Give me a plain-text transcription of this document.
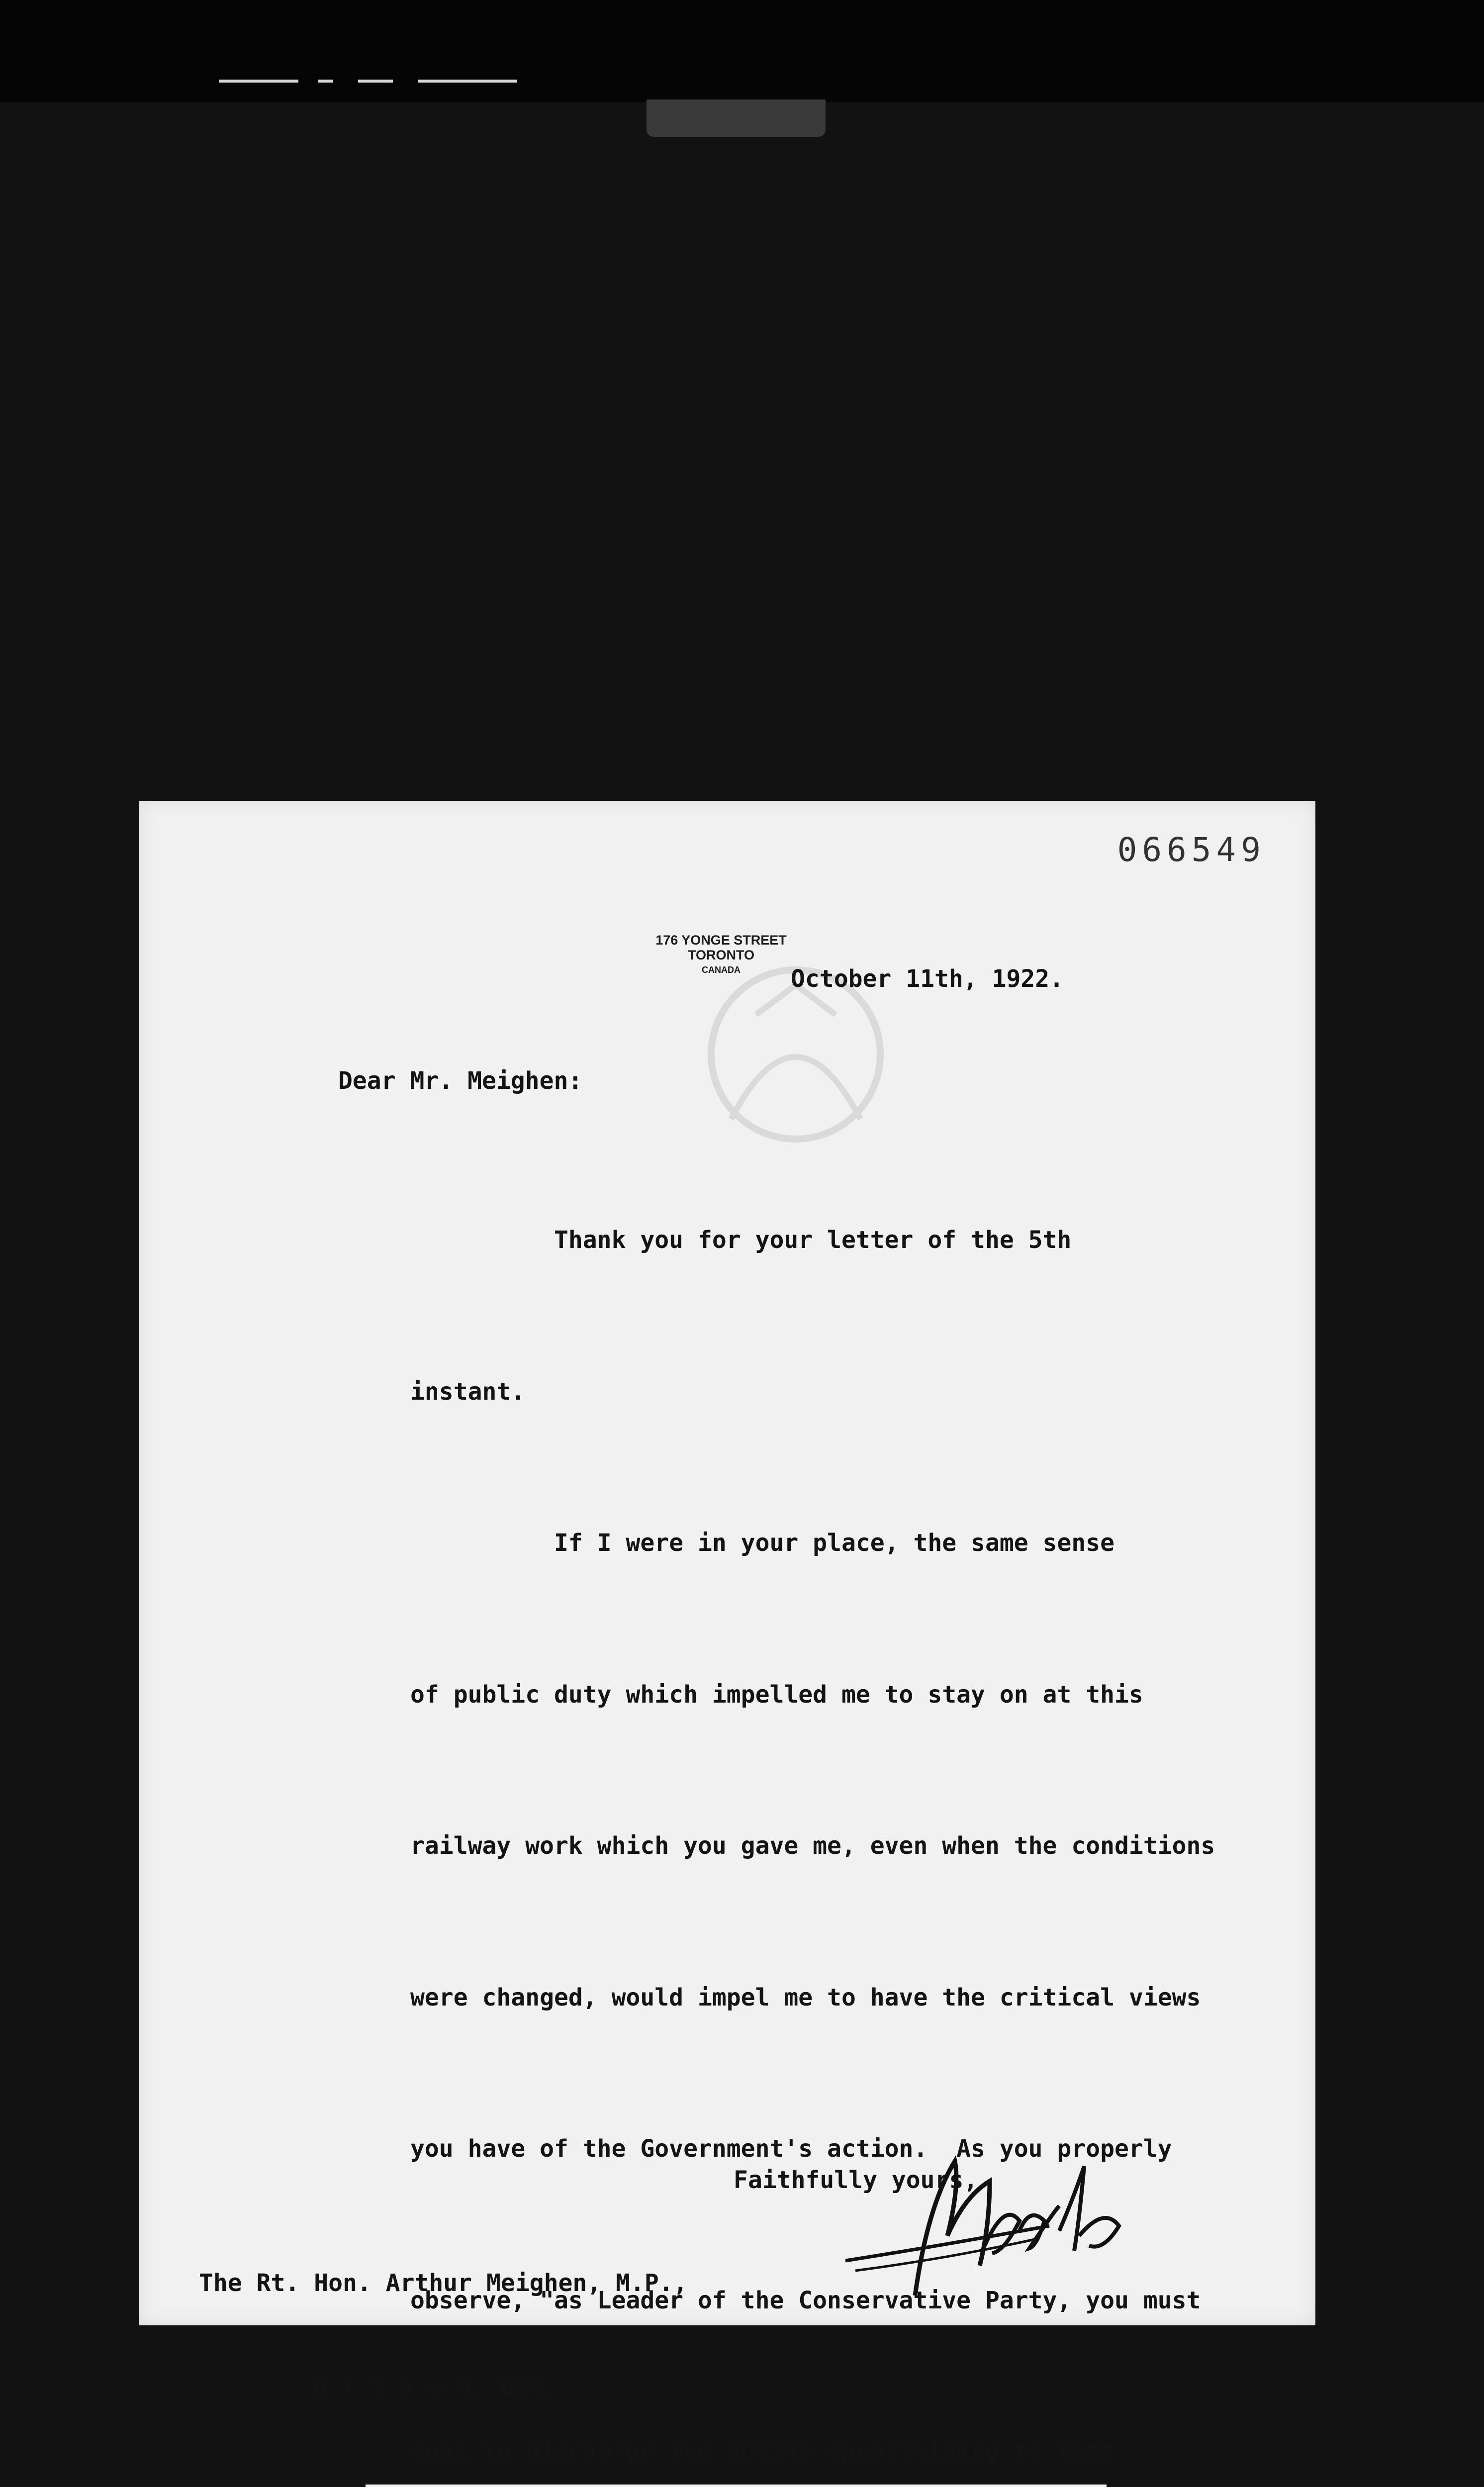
066549
176 YONGE STREET
TORONTO
CANADA	October 11th, 1922.
Dear Mr. Meighen:

Thank you for your letter of the 5th

instant.

If I were in your place, the same sense

of public duty which impelled me to stay on at this

railway work which you gave me, even when the conditions

were changed, would impel me to have the critical views

you have of the Government's action.  As you properly

observe, "as Leader of the Conservative Party, you must

seek to discharge the duties appertaining to that

Faithfully yours,

The Rt. Hon. Arthur Meighen, M.P.,

O t t a w a, Ont.
